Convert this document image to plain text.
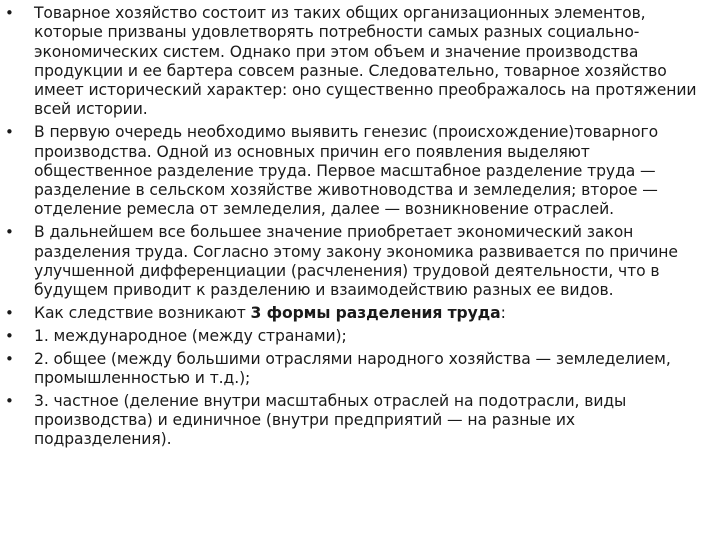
• Товарное хозяйство состоит из таких общих организационных элементов, которые призваны удовлетворять потребности самых разных социально-экономических систем. Однако при этом объем и значение производства продукции и ее бартера совсем разные. Следовательно, товарное хозяйство имеет исторический характер: оно существенно преображалось на протяжении всей истории.
• В первую очередь необходимо выявить генезис (происхождение)товарного производства. Одной из основных причин его появления выделяют общественное разделение труда. Первое масштабное разделение труда — разделение в сельском хозяйстве животноводства и земледелия; второе — отделение ремесла от земледелия, далее — возникновение отраслей.
• В дальнейшем все большее значение приобретает экономический закон разделения труда. Согласно этому закону экономика развивается по причине улучшенной дифференциации (расчленения) трудовой деятельности, что в будущем приводит к разделению и взаимодействию разных ее видов.
• Как следствие возникают 3 формы разделения труда:
• 1. международное (между странами);
• 2. общее (между большими отраслями народного хозяйства — земледелием, промышленностью и т.д.);
• 3. частное (деление внутри масштабных отраслей на подотрасли, виды производства) и единичное (внутри предприятий — на разные их подразделения).
